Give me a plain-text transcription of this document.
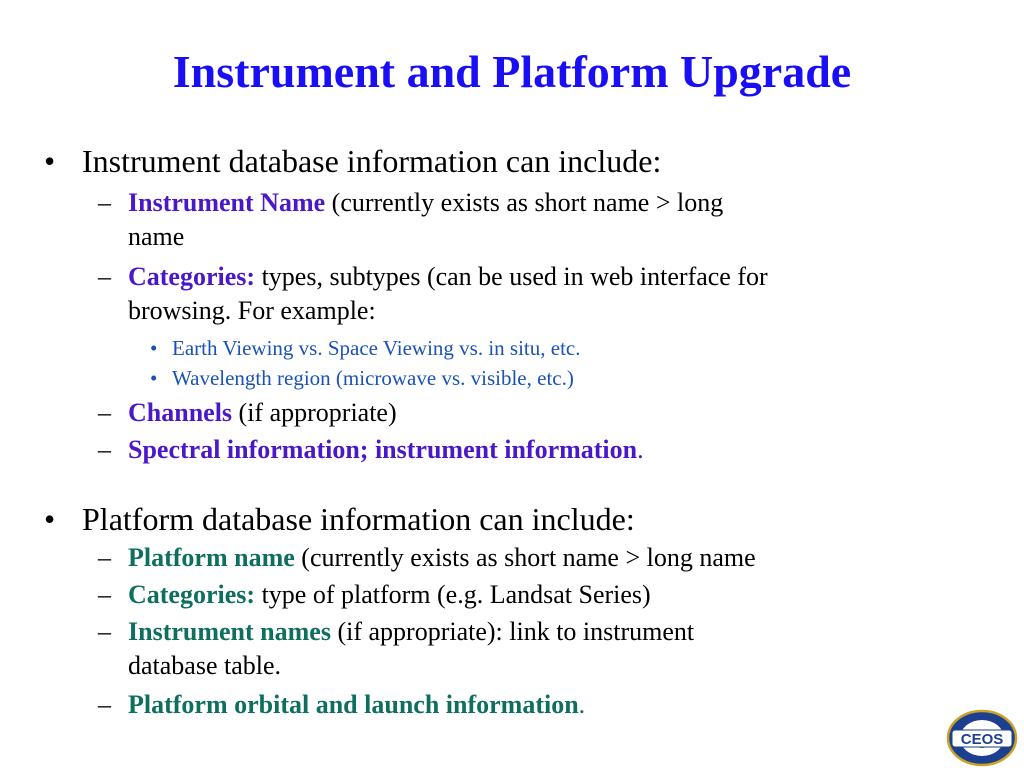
Instrument and Platform Upgrade
• Instrument database information can include:
– Instrument Name (currently exists as short name > long
name
– Categories: types, subtypes (can be used in web interface for
browsing. For example:
• Earth Viewing vs. Space Viewing vs. in situ, etc.
• Wavelength region (microwave vs. visible, etc.)
– Channels (if appropriate)
– Spectral information; instrument information.
• Platform database information can include:
– Platform name (currently exists as short name > long name
– Categories: type of platform (e.g. Landsat Series)
– Instrument names (if appropriate): link to instrument
database table.
– Platform orbital and launch information.
CEOS
